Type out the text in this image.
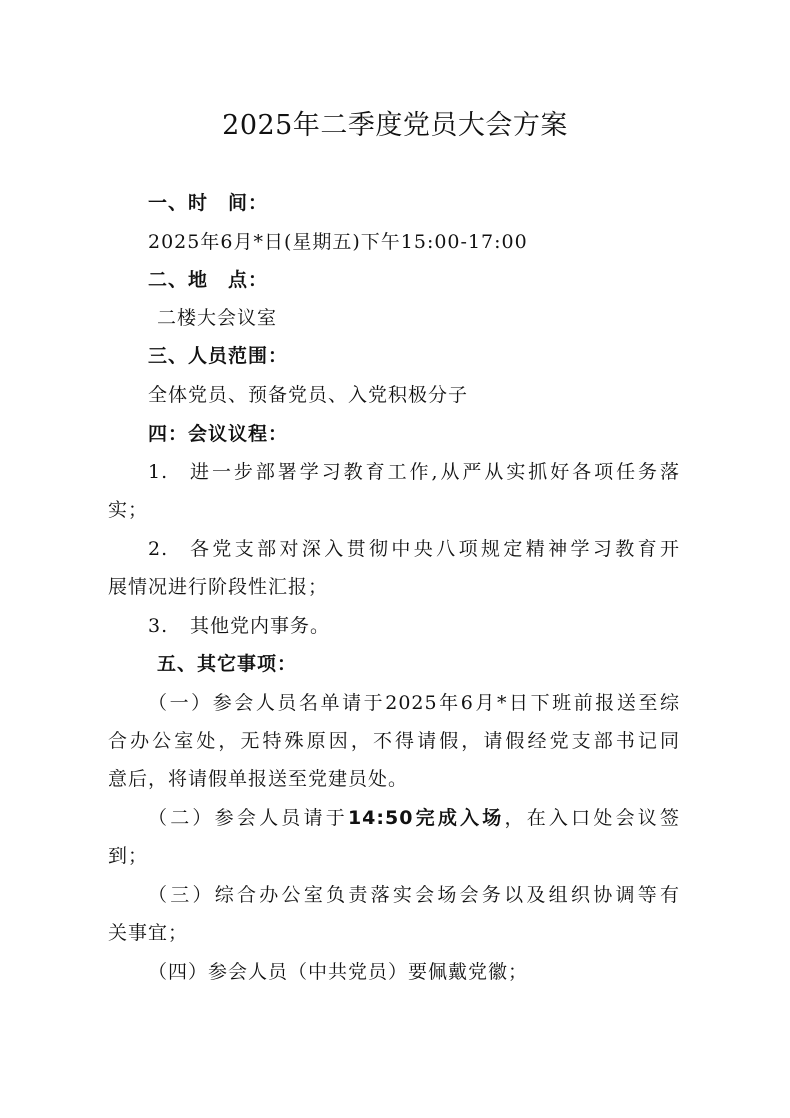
2025年二季度党员大会方案
一、时　间：
2025年6月*日(星期五)下午15:00-17:00
二、地　点：
二楼大会议室
三、人员范围：
全体党员、预备党员、入党积极分子
四：会议议程：
1.	进一步部署学习教育工作,从严从实抓好各项任务落
实；
2.	各党支部对深入贯彻中央八项规定精神学习教育开
展情况进行阶段性汇报；
3.	其他党内事务。
五、其它事项：
（一）参会人员名单请于2025年6月*日下班前报送至综
合办公室处，无特殊原因，不得请假，请假经党支部书记同
意后，将请假单报送至党建员处。
（二）参会人员请于14:50完成入场，在入口处会议签
到；
（三）综合办公室负责落实会场会务以及组织协调等有
关事宜；
（四）参会人员（中共党员）要佩戴党徽；
